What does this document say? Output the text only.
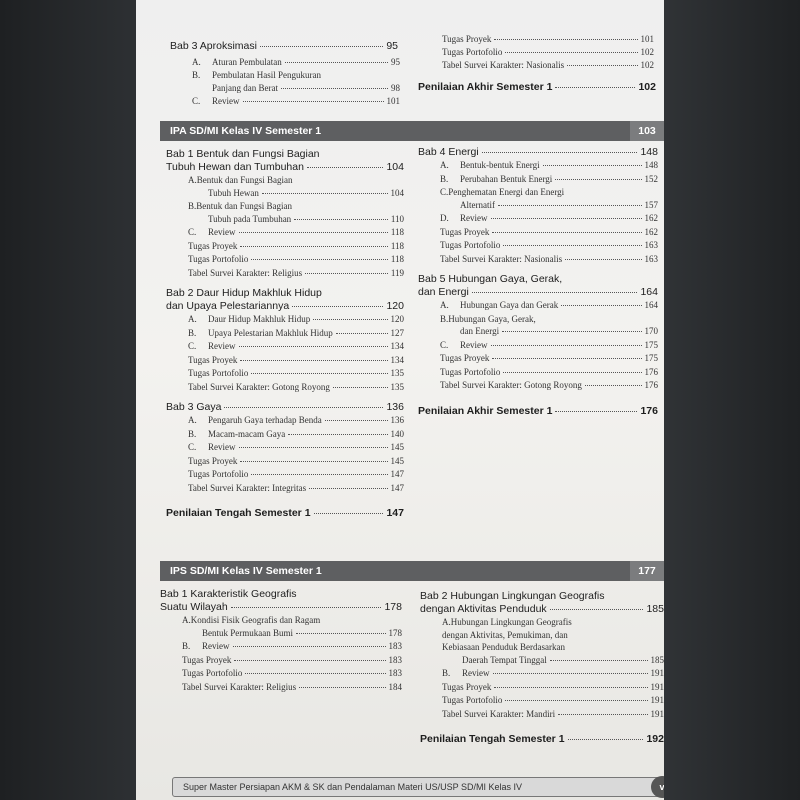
Bab 3 Aproksimasi	95
A.	Aturan Pembulatan	95
B. Pembulatan Hasil Pengukuran
Panjang dan Berat	98
C.	Review	101
Tugas Proyek	101
Tugas Portofolio	102
Tabel Survei Karakter: Nasionalis	102
Penilaian Akhir Semester 1	102
IPA SD/MI Kelas IV Semester 1	103
Bab 1 Bentuk dan Fungsi Bagian
Tubuh Hewan dan Tumbuhan	104
A.Bentuk dan Fungsi Bagian
Tubuh Hewan	104
B.Bentuk dan Fungsi Bagian
Tubuh pada Tumbuhan	110
C.	Review	118
Tugas Proyek	118
Tugas Portofolio	118
Tabel Survei Karakter: Religius	119
Bab 2 Daur Hidup Makhluk Hidup
dan Upaya Pelestariannya	120
A.	Daur Hidup Makhluk Hidup	120
B.	Upaya Pelestarian Makhluk Hidup	127
C.	Review	134
Tugas Proyek	134
Tugas Portofolio	135
Tabel Survei Karakter: Gotong Royong	135
Bab 3 Gaya	136
A.	Pengaruh Gaya terhadap Benda	136
B.	Macam-macam Gaya	140
C.	Review	145
Tugas Proyek	145
Tugas Portofolio	147
Tabel Survei Karakter: Integritas	147
Penilaian Tengah Semester 1	147
Bab 4 Energi	148
A.	Bentuk-bentuk Energi	148
B.	Perubahan Bentuk Energi	152
C.Penghematan Energi dan Energi
Alternatif	157
D.	Review	162
Tugas Proyek	162
Tugas Portofolio	163
Tabel Survei Karakter: Nasionalis	163
Bab 5 Hubungan Gaya, Gerak,
dan Energi	164
A.	Hubungan Gaya dan Gerak	164
B.Hubungan Gaya, Gerak,
dan Energi	170
C.	Review	175
Tugas Proyek	175
Tugas Portofolio	176
Tabel Survei Karakter: Gotong Royong	176
Penilaian Akhir Semester 1	176
IPS SD/MI Kelas IV Semester 1	177
Bab 1 Karakteristik Geografis
Suatu Wilayah	178
A.Kondisi Fisik Geografis dan Ragam
Bentuk Permukaan Bumi	178
B.	Review	183
Tugas Proyek	183
Tugas Portofolio	183
Tabel Survei Karakter: Religius	184
Bab 2 Hubungan Lingkungan Geografis
dengan Aktivitas Penduduk	185
A.Hubungan Lingkungan Geografis
dengan Aktivitas, Pemukiman, dan
Kebiasaan Penduduk Berdasarkan
Daerah Tempat Tinggal	185
B.	Review	191
Tugas Proyek	191
Tugas Portofolio	191
Tabel Survei Karakter: Mandiri	191
Penilaian Tengah Semester 1	192
Super Master Persiapan AKM & SK dan Pendalaman Materi US/USP SD/MI Kelas IV	v
